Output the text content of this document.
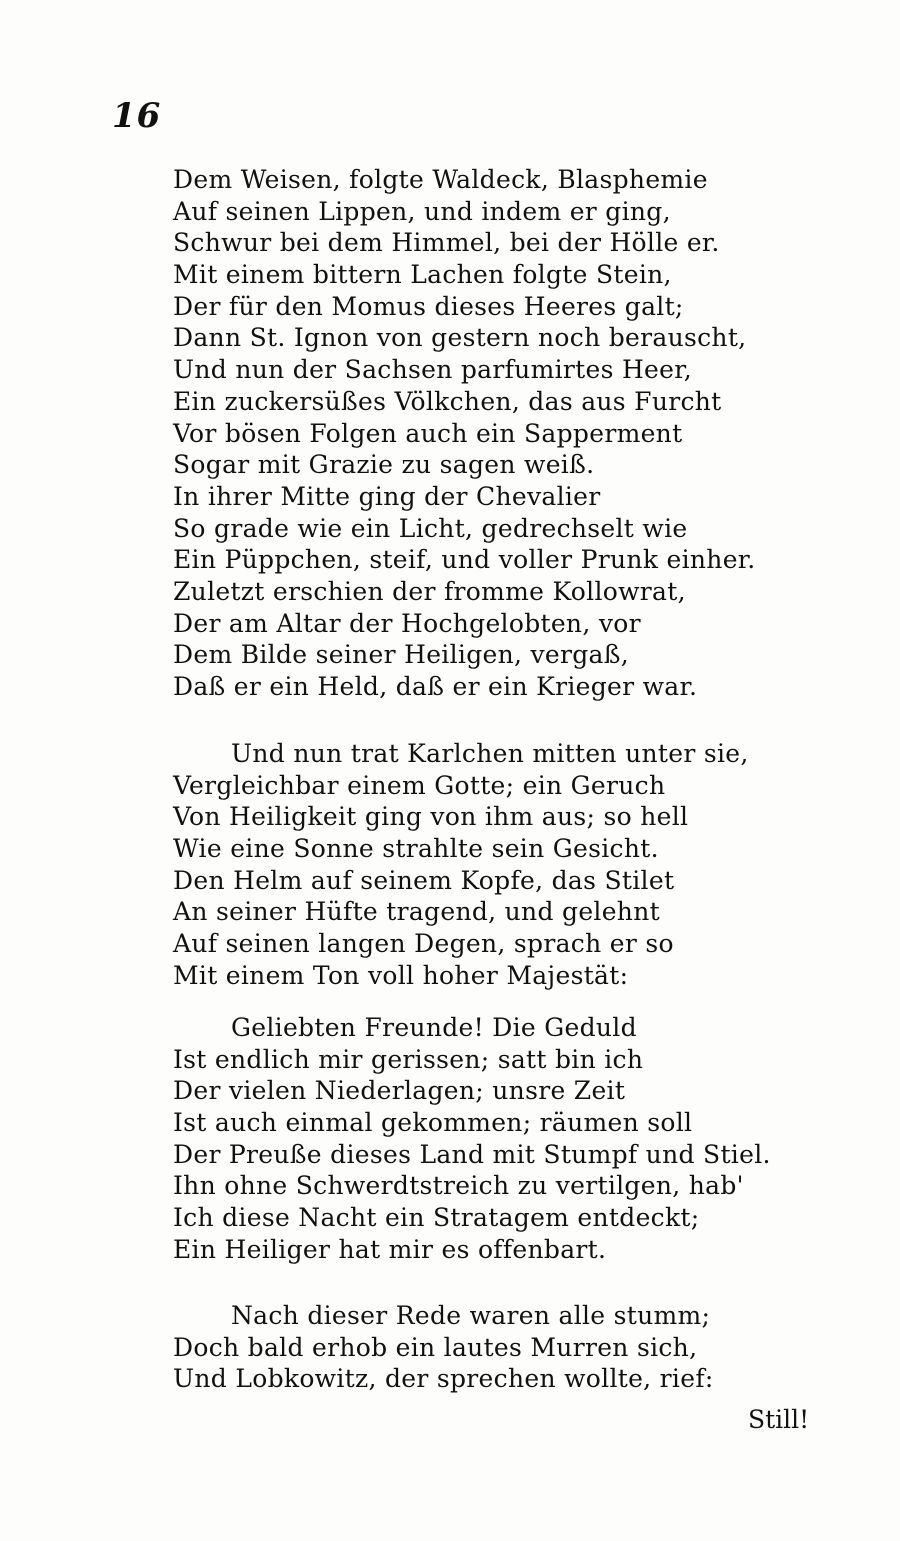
16
Dem Weisen, folgte Waldeck, Blasphemie
Auf seinen Lippen, und indem er ging,
Schwur bei dem Himmel, bei der Hölle er.
Mit einem bittern Lachen folgte Stein,
Der für den Momus dieses Heeres galt;
Dann St. Ignon von gestern noch berauscht,
Und nun der Sachsen parfumirtes Heer,
Ein zuckersüßes Völkchen, das aus Furcht
Vor bösen Folgen auch ein Sapperment
Sogar mit Grazie zu sagen weiß.
In ihrer Mitte ging der Chevalier
So grade wie ein Licht, gedrechselt wie
Ein Püppchen, steif, und voller Prunk einher.
Zuletzt erschien der fromme Kollowrat,
Der am Altar der Hochgelobten, vor
Dem Bilde seiner Heiligen, vergaß,
Daß er ein Held, daß er ein Krieger war.
Und nun trat Karlchen mitten unter sie,
Vergleichbar einem Gotte; ein Geruch
Von Heiligkeit ging von ihm aus; so hell
Wie eine Sonne strahlte sein Gesicht.
Den Helm auf seinem Kopfe, das Stilet
An seiner Hüfte tragend, und gelehnt
Auf seinen langen Degen, sprach er so
Mit einem Ton voll hoher Majestät:
Geliebten Freunde! Die Geduld
Ist endlich mir gerissen; satt bin ich
Der vielen Niederlagen; unsre Zeit
Ist auch einmal gekommen; räumen soll
Der Preuße dieses Land mit Stumpf und Stiel.
Ihn ohne Schwerdtstreich zu vertilgen, hab'
Ich diese Nacht ein Stratagem entdeckt;
Ein Heiliger hat mir es offenbart.
Nach dieser Rede waren alle stumm;
Doch bald erhob ein lautes Murren sich,
Und Lobkowitz, der sprechen wollte, rief:
Still!
